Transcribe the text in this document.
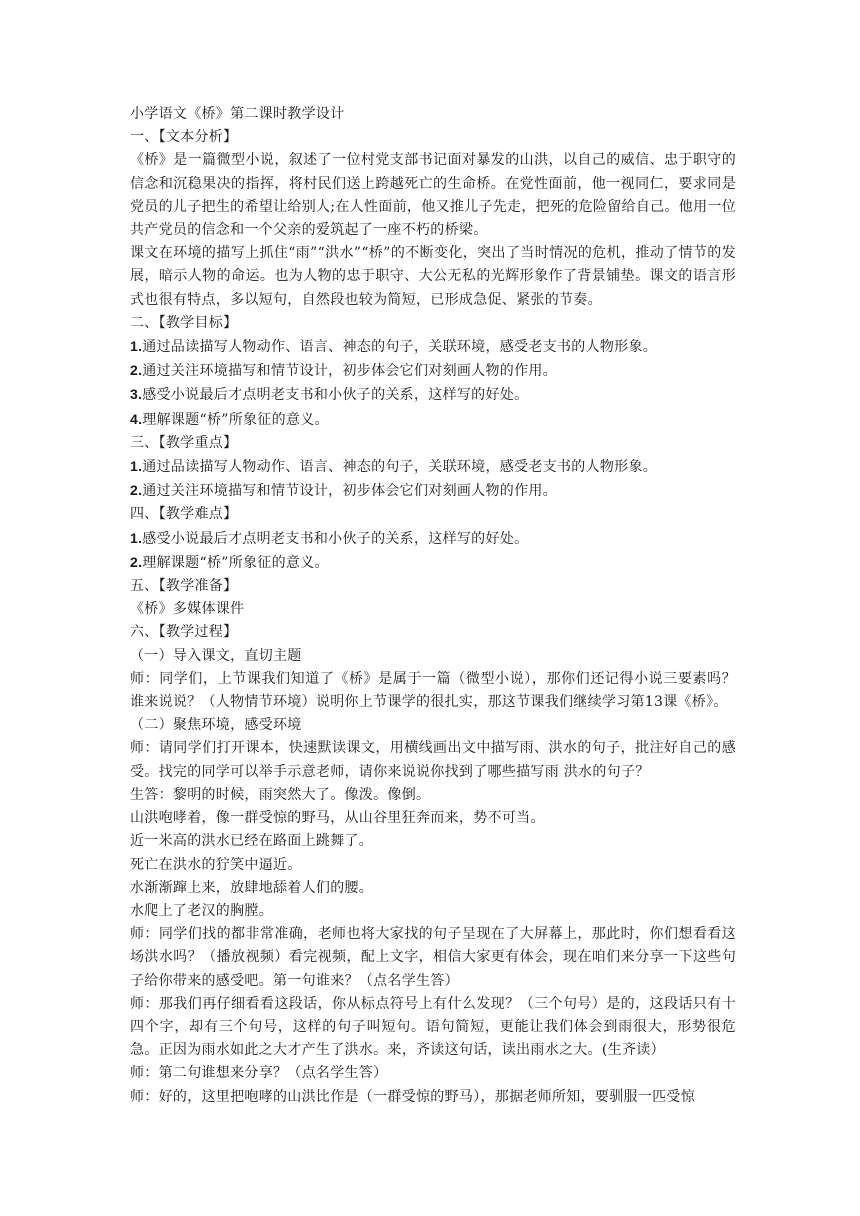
小学语文《桥》第二课时教学设计

一、【文本分析】

《桥》是一篇微型小说，叙述了一位村党支部书记面对暴发的山洪，以自己的威信、忠于职守的信念和沉稳果决的指挥，将村民们送上跨越死亡的生命桥。在党性面前，他一视同仁，要求同是党员的儿子把生的希望让给别人;在人性面前，他又推儿子先走，把死的危险留给自己。他用一位共产党员的信念和一个父亲的爱筑起了一座不朽的桥梁。

课文在环境的描写上抓住“雨”“洪水”“桥”的不断变化，突出了当时情况的危机，推动了情节的发展，暗示人物的命运。也为人物的忠于职守、大公无私的光辉形象作了背景铺垫。课文的语言形式也很有特点，多以短句，自然段也较为简短，已形成急促、紧张的节奏。

二、【教学目标】

1.通过品读描写人物动作、语言、神态的句子，关联环境，感受老支书的人物形象。

2.通过关注环境描写和情节设计，初步体会它们对刻画人物的作用。

3.感受小说最后才点明老支书和小伙子的关系，这样写的好处。

4.理解课题“桥”所象征的意义。

三、【教学重点】

1.通过品读描写人物动作、语言、神态的句子，关联环境，感受老支书的人物形象。

2.通过关注环境描写和情节设计，初步体会它们对刻画人物的作用。

四、【教学难点】

1.感受小说最后才点明老支书和小伙子的关系，这样写的好处。

2.理解课题“桥”所象征的意义。

五、【教学准备】

《桥》多媒体课件

六、【教学过程】

（一）导入课文，直切主题

师：同学们，上节课我们知道了《桥》是属于一篇（微型小说），那你们还记得小说三要素吗？谁来说说？（人物情节环境）说明你上节课学的很扎实，那这节课我们继续学习第13课《桥》。

（二）聚焦环境，感受环境

师：请同学们打开课本，快速默读课文，用横线画出文中描写雨、洪水的句子，批注好自己的感受。找完的同学可以举手示意老师，请你来说说你找到了哪些描写雨 洪水的句子？

生答：黎明的时候，雨突然大了。像泼。像倒。

山洪咆哮着，像一群受惊的野马，从山谷里狂奔而来，势不可当。

近一米高的洪水已经在路面上跳舞了。

死亡在洪水的狞笑中逼近。

水渐渐蹿上来，放肆地舔着人们的腰。

水爬上了老汉的胸膛。

师：同学们找的都非常准确，老师也将大家找的句子呈现在了大屏幕上，那此时，你们想看看这场洪水吗？（播放视频）看完视频，配上文字，相信大家更有体会，现在咱们来分享一下这些句子给你带来的感受吧。第一句谁来？（点名学生答）

师：那我们再仔细看看这段话，你从标点符号上有什么发现？（三个句号）是的，这段话只有十四个字，却有三个句号，这样的句子叫短句。语句简短，更能让我们体会到雨很大，形势很危急。正因为雨水如此之大才产生了洪水。来，齐读这句话，读出雨水之大。(生齐读）

师：第二句谁想来分享？（点名学生答）

师：好的，这里把咆哮的山洪比作是（一群受惊的野马），那据老师所知，要驯服一匹受惊
